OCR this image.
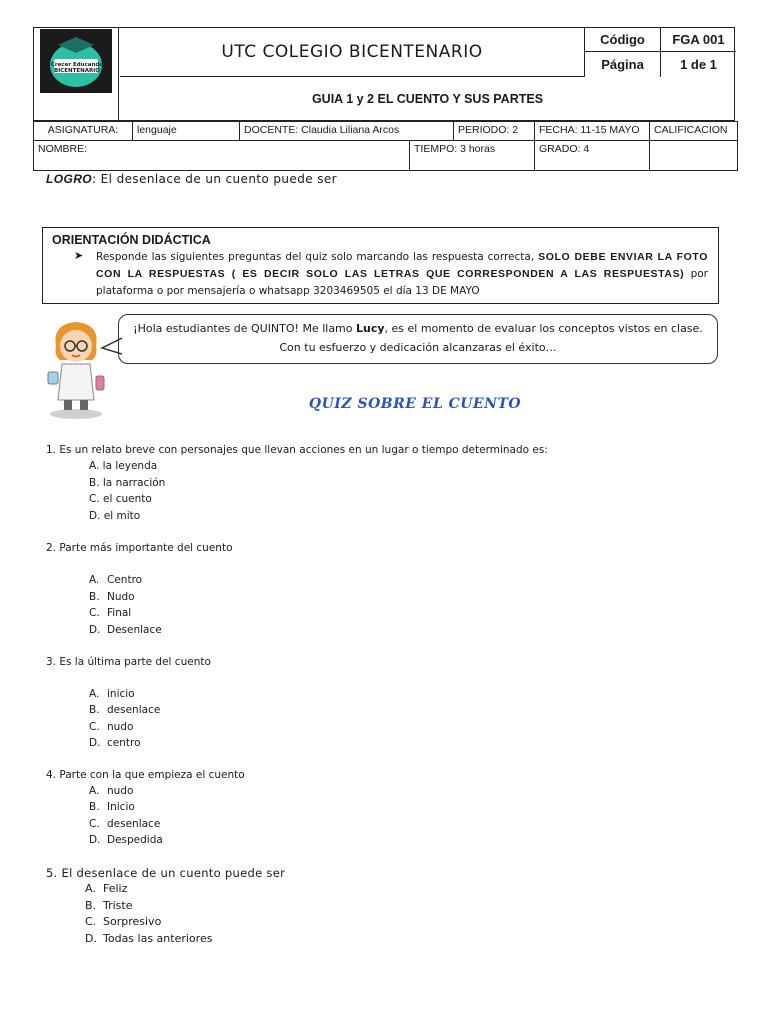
Crecer Educando BICENTENARIO
UTC COLEGIO BICENTENARIO
Código	FGA 001
Página	1 de 1
GUIA 1 y 2 EL CUENTO Y SUS PARTES
ASIGNATURA:	lenguaje	DOCENTE: Claudia Liliana Arcos	PERIODO: 2	FECHA: 11-15 MAYO	CALIFICACION
NOMBRE:	TIEMPO: 3 horas	GRADO: 4
LOGRO: El desenlace de un cuento puede ser
ORIENTACIÓN DIDÁCTICA
➤ Responde las siguientes preguntas del quiz solo marcando las respuesta correcta, SOLO DEBE ENVIAR LA FOTO CON LA RESPUESTAS ( ES DECIR SOLO LAS LETRAS QUE CORRESPONDEN A LAS RESPUESTAS) por plataforma o por mensajería o whatsapp 3203469505 el día 13 DE MAYO
¡Hola estudiantes de QUINTO! Me llamo Lucy, es el momento de evaluar los conceptos vistos en clase. Con tu esfuerzo y dedicación alcanzaras el éxito…
QUIZ SOBRE EL CUENTO
1. Es un relato breve con personajes que llevan acciones en un lugar o tiempo determinado es:
A. la leyenda
B. la narración
C. el cuento
D. el mito
2. Parte más importante del cuento
A. Centro
B. Nudo
C. Final
D. Desenlace
3. Es la última parte del cuento
A. inicio
B. desenlace
C. nudo
D. centro
4. Parte con la que empieza el cuento
A. nudo
B. Inicio
C. desenlace
D. Despedida
5. El desenlace de un cuento puede ser
A. Feliz
B. Triste
C. Sorpresivo
D. Todas las anteriores
